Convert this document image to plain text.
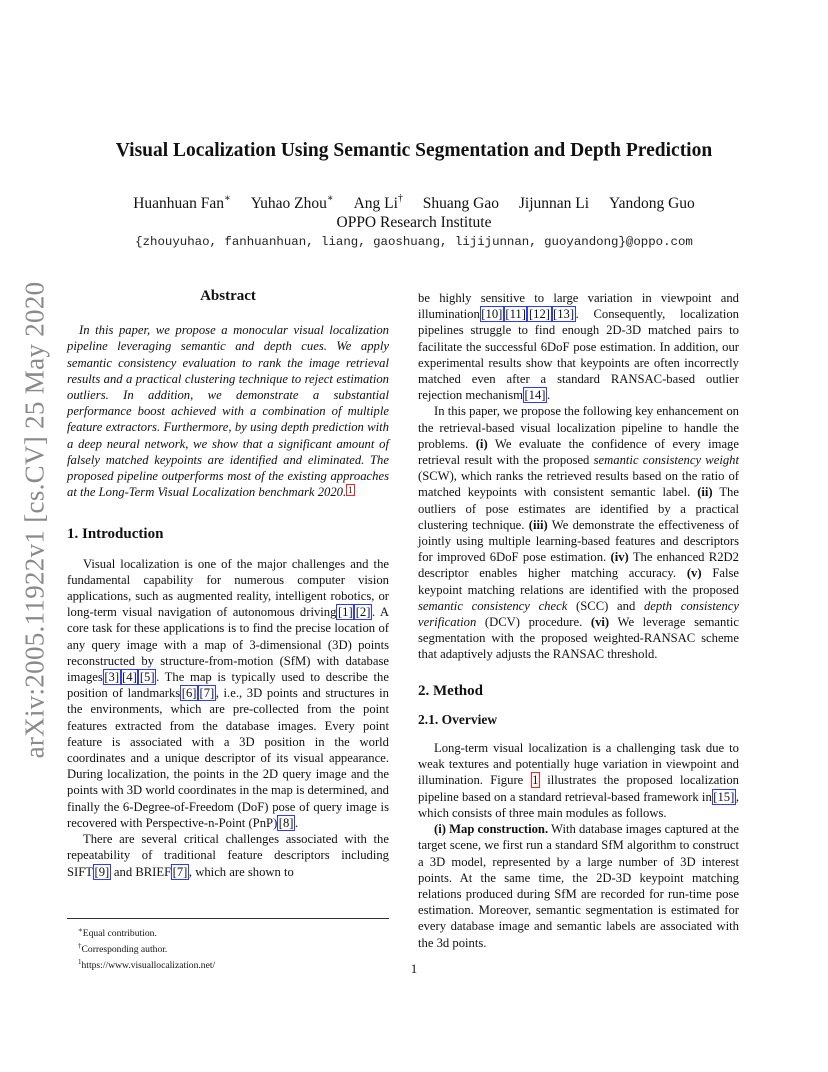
arXiv:2005.11922v1 [cs.CV] 25 May 2020
Visual Localization Using Semantic Segmentation and Depth Prediction
Huanhuan Fan∗ Yuhao Zhou∗ Ang Li† Shuang Gao Jijunnan Li Yandong Guo
OPPO Research Institute
{zhouyuhao, fanhuanhuan, liang, gaoshuang, lijijunnan, guoyandong}@oppo.com
Abstract

In this paper, we propose a monocular visual localization pipeline leveraging semantic and depth cues. We apply semantic consistency evaluation to rank the image retrieval results and a practical clustering technique to reject estimation outliers. In addition, we demonstrate a substantial performance boost achieved with a combination of multiple feature extractors. Furthermore, by using depth prediction with a deep neural network, we show that a significant amount of falsely matched keypoints are identified and eliminated. The proposed pipeline outperforms most of the existing approaches at the Long-Term Visual Localization benchmark 2020. $^1$

1. Introduction

Visual localization is one of the major challenges and the fundamental capability for numerous computer vision applications, such as augmented reality, intelligent robotics, or long-term visual navigation of autonomous driving [1] [2] . A core task for these applications is to find the precise location of any query image with a map of 3-dimensional (3D) points reconstructed by structure-from-motion (SfM) with database images [3] [4] [5] . The map is typically used to describe the position of landmarks [6] [7] , i.e., 3D points and structures in the environments, which are pre-collected from the point features extracted from the database images. Every point feature is associated with a 3D position in the world coordinates and a unique descriptor of its visual appearance. During localization, the points in the 2D query image and the points with 3D world coordinates in the map is determined, and finally the 6-Degree-of-Freedom (DoF) pose of query image is recovered with Perspective-n-Point (PnP) [8] .

There are several critical challenges associated with the repeatability of traditional feature descriptors including SIFT [9] and BRIEF [7] , which are shown to

be highly sensitive to large variation in viewpoint and illumination [10] [11] [12] [13] . Consequently, localization pipelines struggle to find enough 2D-3D matched pairs to facilitate the successful 6DoF pose estimation. In addition, our experimental results show that keypoints are often incorrectly matched even after a standard RANSAC-based outlier rejection mechanism [14] .

In this paper, we propose the following key enhancement on the retrieval-based visual localization pipeline to handle the problems. (i) We evaluate the confidence of every image retrieval result with the proposed semantic consistency weight (SCW), which ranks the retrieved results based on the ratio of matched keypoints with consistent semantic label. (ii) The outliers of pose estimates are identified by a practical clustering technique. (iii) We demonstrate the effectiveness of jointly using multiple learning-based features and descriptors for improved 6DoF pose estimation. (iv) The enhanced R2D2 descriptor enables higher matching accuracy. (v) False keypoint matching relations are identified with the proposed semantic consistency check (SCC) and depth consistency verification (DCV) procedure. (vi) We leverage semantic segmentation with the proposed weighted-RANSAC scheme that adaptively adjusts the RANSAC threshold.

2. Method
2.1. Overview

Long-term visual localization is a challenging task due to weak textures and potentially huge variation in viewpoint and illumination. Figure 1 illustrates the proposed localization pipeline based on a standard retrieval-based framework in [15] , which consists of three main modules as follows.

(i) Map construction. With database images captured at the target scene, we first run a standard SfM algorithm to construct a 3D model, represented by a large number of 3D interest points. At the same time, the 2D-3D keypoint matching relations produced during SfM are recorded for run-time pose estimation. Moreover, semantic segmentation is estimated for every database image and semantic labels are associated with the 3d points.

∗Equal contribution.
†Corresponding author.
$^1$https://www.visuallocalization.net/	1
